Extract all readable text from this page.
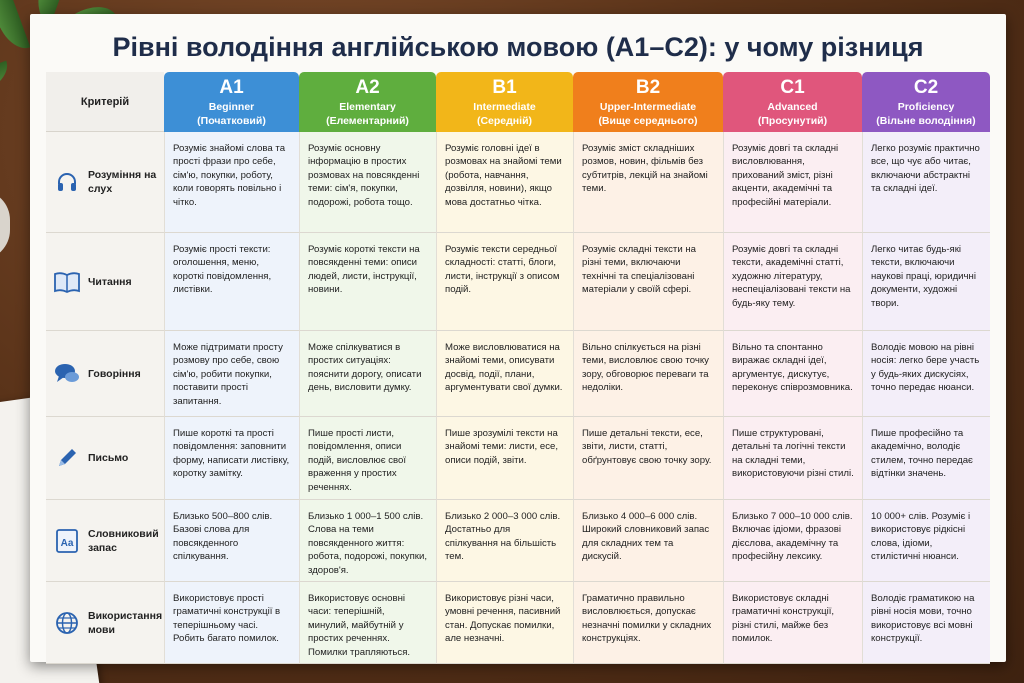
Рівні володіння англійською мовою (A1–C2): у чому різниця
Критерій	A1
Beginner
(Початковий)	A2
Elementary
(Елементарний)	B1
Intermediate
(Середній)	B2
Upper-Intermediate
(Вище середнього)	C1
Advanced
(Просунутий)	C2
Proficiency
(Вільне володіння)

Розуміння на слух	Розуміє знайомі слова та прості фрази про себе, сім'ю, покупки, роботу, коли говорять повільно і чітко.	Розуміє основну інформацію в простих розмовах на повсякденні теми: сім'я, покупки, подорожі, робота тощо.	Розуміє головні ідеї в розмовах на знайомі теми (робота, навчання, дозвілля, новини), якщо мова достатньо чітка.	Розуміє зміст складніших розмов, новин, фільмів без субтитрів, лекцій на знайомі теми.	Розуміє довгі та складні висловлювання, прихований зміст, різні акценти, академічні та професійні матеріали.	Легко розуміє практично все, що чує або читає, включаючи абстрактні та складні ідеї.

Читання	Розуміє прості тексти: оголошення, меню, короткі повідомлення, листівки.	Розуміє короткі тексти на повсякденні теми: описи людей, листи, інструкції, новини.	Розуміє тексти середньої складності: статті, блоги, листи, інструкції з описом подій.	Розуміє складні тексти на різні теми, включаючи технічні та спеціалізовані матеріали у своїй сфері.	Розуміє довгі та складні тексти, академічні статті, художню літературу, неспеціалізовані тексти на будь-яку тему.	Легко читає будь-які тексти, включаючи наукові праці, юридичні документи, художні твори.

Говоріння	Може підтримати просту розмову про себе, свою сім'ю, робити покупки, поставити прості запитання.	Може спілкуватися в простих ситуаціях: пояснити дорогу, описати день, висловити думку.	Може висловлюватися на знайомі теми, описувати досвід, події, плани, аргументувати свої думки.	Вільно спілкується на різні теми, висловлює свою точку зору, обговорює переваги та недоліки.	Вільно та спонтанно виражає складні ідеї, аргументує, дискутує, переконує співрозмовника.	Володіє мовою на рівні носія: легко бере участь у будь-яких дискусіях, точно передає нюанси.

Письмо	Пише короткі та прості повідомлення: заповнити форму, написати листівку, коротку замітку.	Пише прості листи, повідомлення, описи подій, висловлює свої враження у простих реченнях.	Пише зрозумілі тексти на знайомі теми: листи, есе, описи подій, звіти.	Пише детальні тексти, есе, звіти, листи, статті, обґрунтовує свою точку зору.	Пише структуровані, детальні та логічні тексти на складні теми, використовуючи різні стилі.	Пише професійно та академічно, володіє стилем, точно передає відтінки значень.

Aa
Словниковий запас	Близько 500–800 слів. Базові слова для повсякденного спілкування.	Близько 1 000–1 500 слів. Слова на теми повсякденного життя: робота, подорожі, покупки, здоров'я.	Близько 2 000–3 000 слів. Достатньо для спілкування на більшість тем.	Близько 4 000–6 000 слів. Широкий словниковий запас для складних тем та дискусій.	Близько 7 000–10 000 слів. Включає ідіоми, фразові дієслова, академічну та професійну лексику.	10 000+ слів. Розуміє і використовує рідкісні слова, ідіоми, стилістичні нюанси.

Використання мови	Використовує прості граматичні конструкції в теперішньому часі. Робить багато помилок.	Використовує основні часи: теперішній, минулий, майбутній у простих реченнях. Помилки трапляються.	Використовує різні часи, умовні речення, пасивний стан. Допускає помилки, але незначні.	Граматично правильно висловлюється, допускає незначні помилки у складних конструкціях.	Використовує складні граматичні конструкції, різні стилі, майже без помилок.	Володіє граматикою на рівні носія мови, точно використовує всі мовні конструкції.
